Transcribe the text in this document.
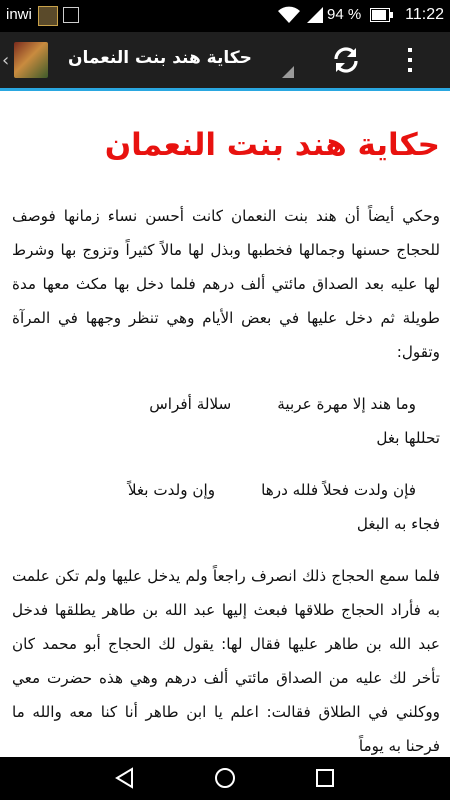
inwi	94 %	11:22
‹	حكاية هند بنت النعمان
حكاية هند بنت النعمان

وحكي أيضاً أن هند بنت النعمان كانت أحسن نساء زمانها فوصف للحجاج حسنها وجمالها فخطبها وبذل لها مالاً كثيراً وتزوج بها وشرط لها عليه بعد الصداق مائتي ألف درهم فلما دخل بها مكث معها مدة طويلة ثم دخل عليها في بعض الأيام وهي تنظر وجهها في المرآة وتقول:

وما هند إلا مهرة عربية
سلالة أفراس
تحللها بغل
فإن ولدت فحلاً فلله درها
وإن ولدت بغلاً
فجاء به البغل

فلما سمع الحجاج ذلك انصرف راجعاً ولم يدخل عليها ولم تكن علمت به فأراد الحجاج طلاقها فبعث إليها عبد الله بن طاهر يطلقها فدخل عبد الله بن طاهر عليها فقال لها: يقول لك الحجاج أبو محمد كان تأخر لك عليه من الصداق مائتي ألف درهم وهي هذه حضرت معي ووكلني في الطلاق فقالت: اعلم يا ابن طاهر أنا كنا معه والله ما فرحنا به يوماً
